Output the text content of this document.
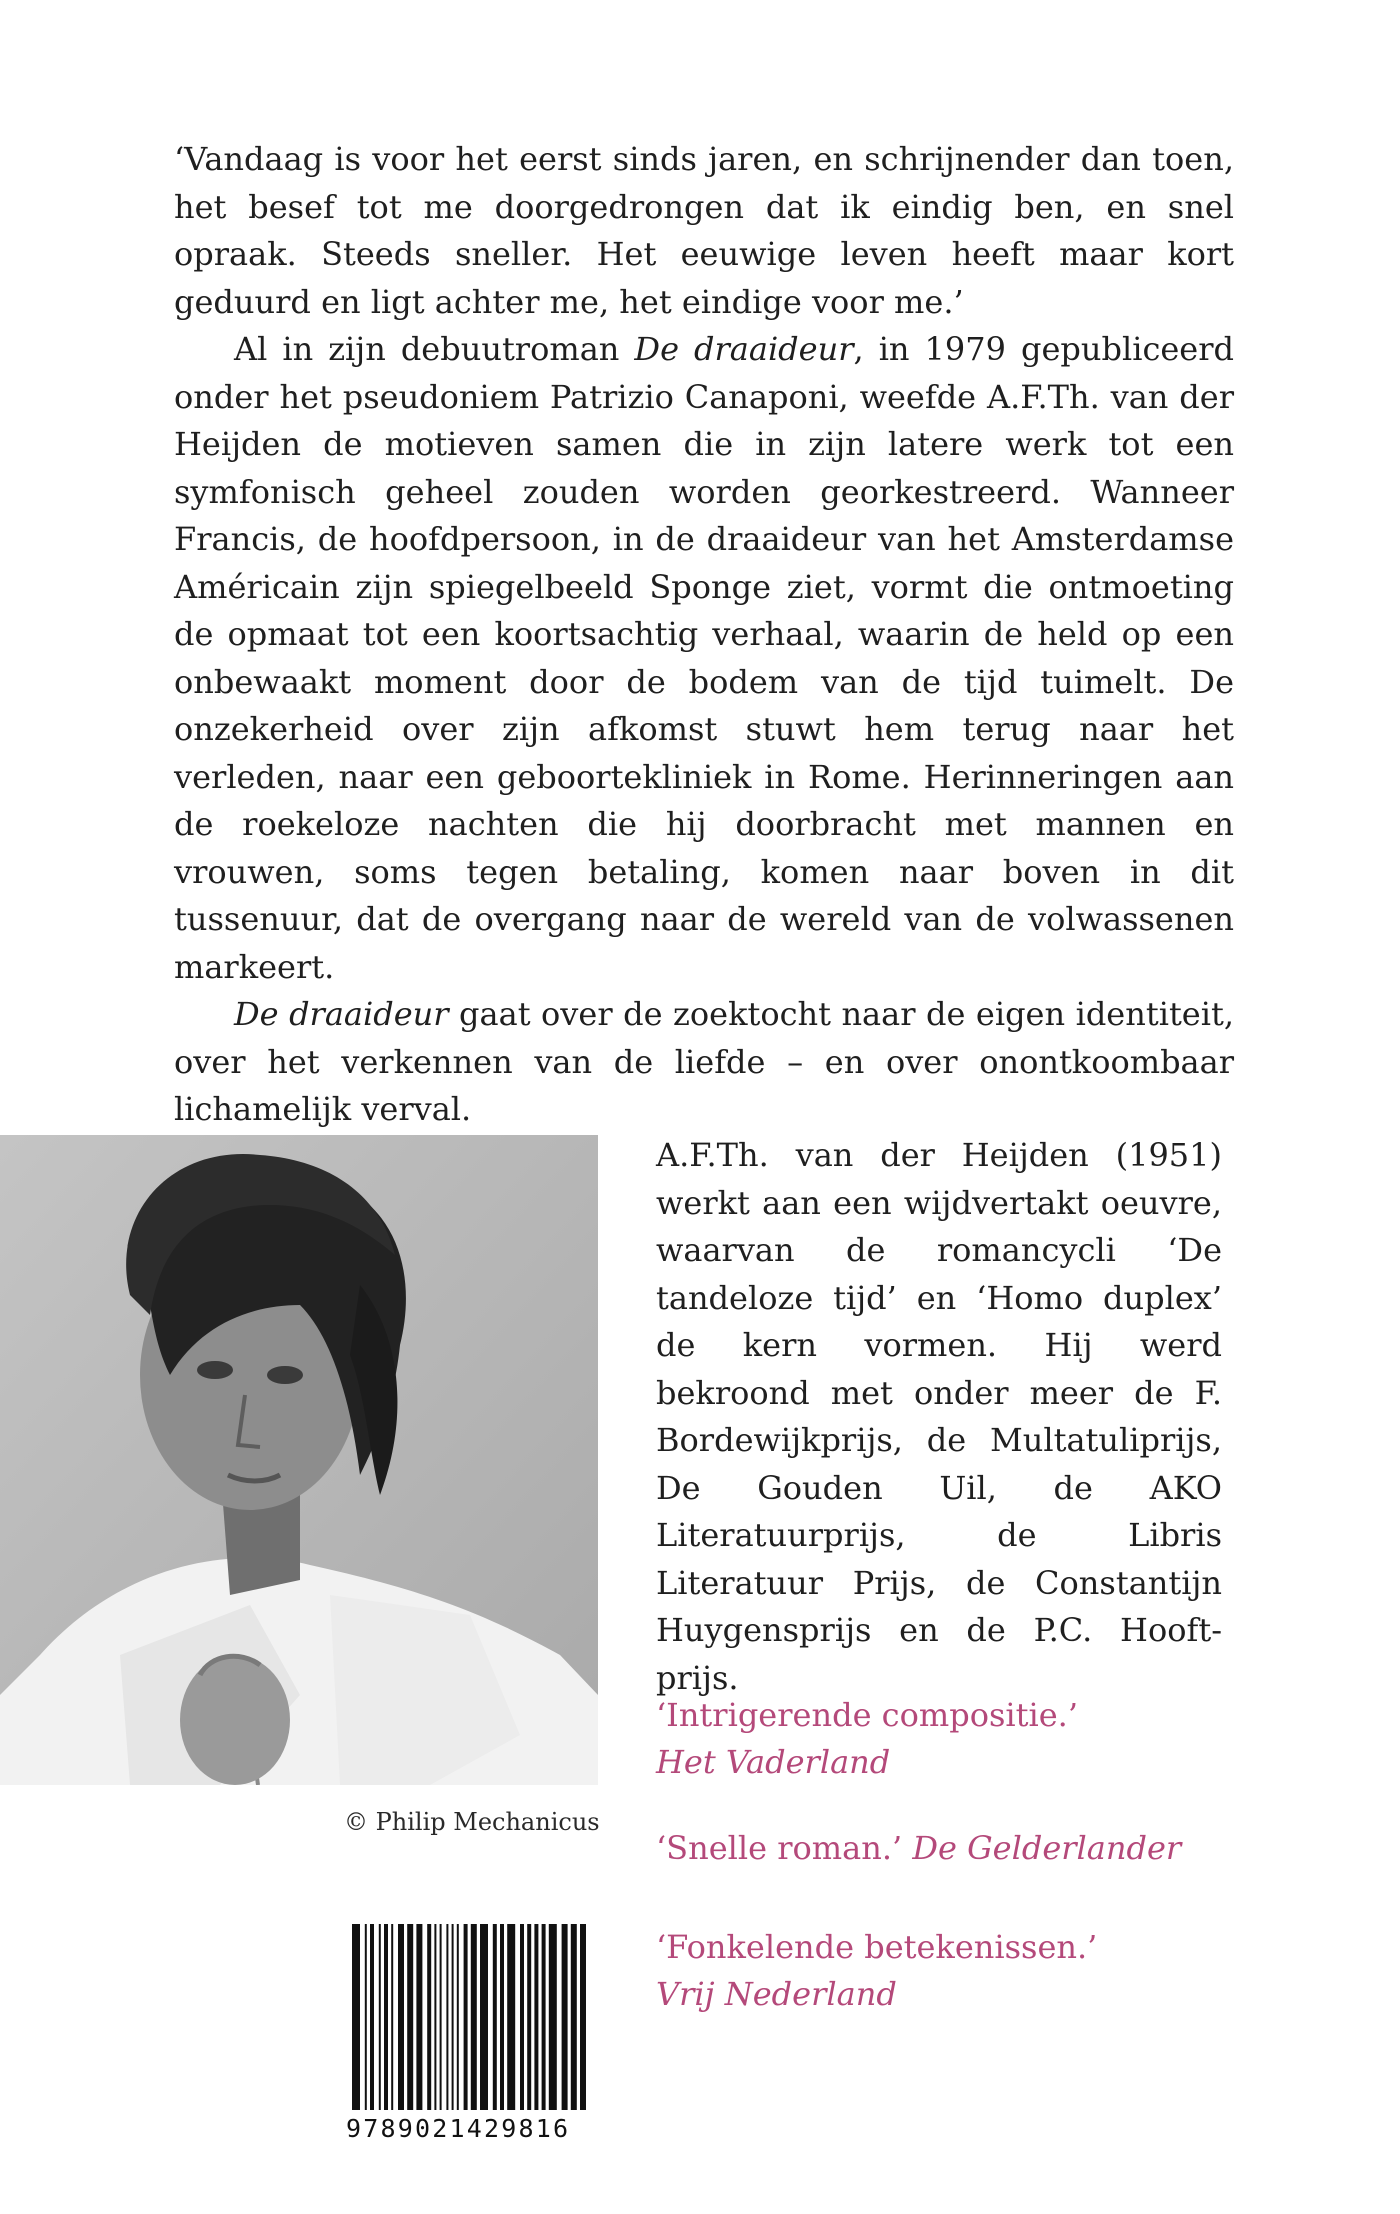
‘Vandaag is voor het eerst sinds jaren, en schrijnender dan toen, het besef tot me doorgedrongen dat ik eindig ben, en snel opraak. Steeds sneller. Het eeuwige leven heeft maar kort geduurd en ligt achter me, het eindige voor me.’

Al in zijn debuutroman De draaideur, in 1979 gepubliceerd onder het pseudoniem Patrizio Canaponi, weefde A.F.Th. van der Heijden de motieven samen die in zijn latere werk tot een symfonisch geheel zouden worden georkestreerd. Wanneer Francis, de hoofdpersoon, in de draaideur van het Amsterdamse Américain zijn spiegelbeeld Sponge ziet, vormt die ontmoeting de opmaat tot een koortsachtig verhaal, waarin de held op een onbewaakt moment door de bodem van de tijd tuimelt. De onzekerheid over zijn afkomst stuwt hem terug naar het verleden, naar een geboortekliniek in Rome. Herinneringen aan de roekeloze nachten die hij doorbracht met mannen en vrouwen, soms tegen betaling, komen naar boven in dit tussenuur, dat de overgang naar de wereld van de volwassenen markeert.

De draaideur gaat over de zoektocht naar de eigen identiteit, over het verkennen van de liefde – en over onontkoombaar lichamelijk verval.

© Philip Mechanicus

A.F.Th. van der Heijden (1951) werkt aan een wijdvertakt oeuvre, waarvan de romancycli ‘De tandeloze tijd’ en ‘Homo duplex’ de kern vormen. Hij werd bekroond met onder meer de F. Bordewijkprijs, de Multatuliprijs, De Gouden Uil, de AKO Literatuurprijs, de Libris Literatuur Prijs, de Constantijn Huygensprijs en de P.C. Hooft-prijs.

‘Intrigerende compositie.’
Het Vaderland
‘Snelle roman.’ De Gelderlander
‘Fonkelende betekenissen.’
Vrij Nederland
9789021429816
